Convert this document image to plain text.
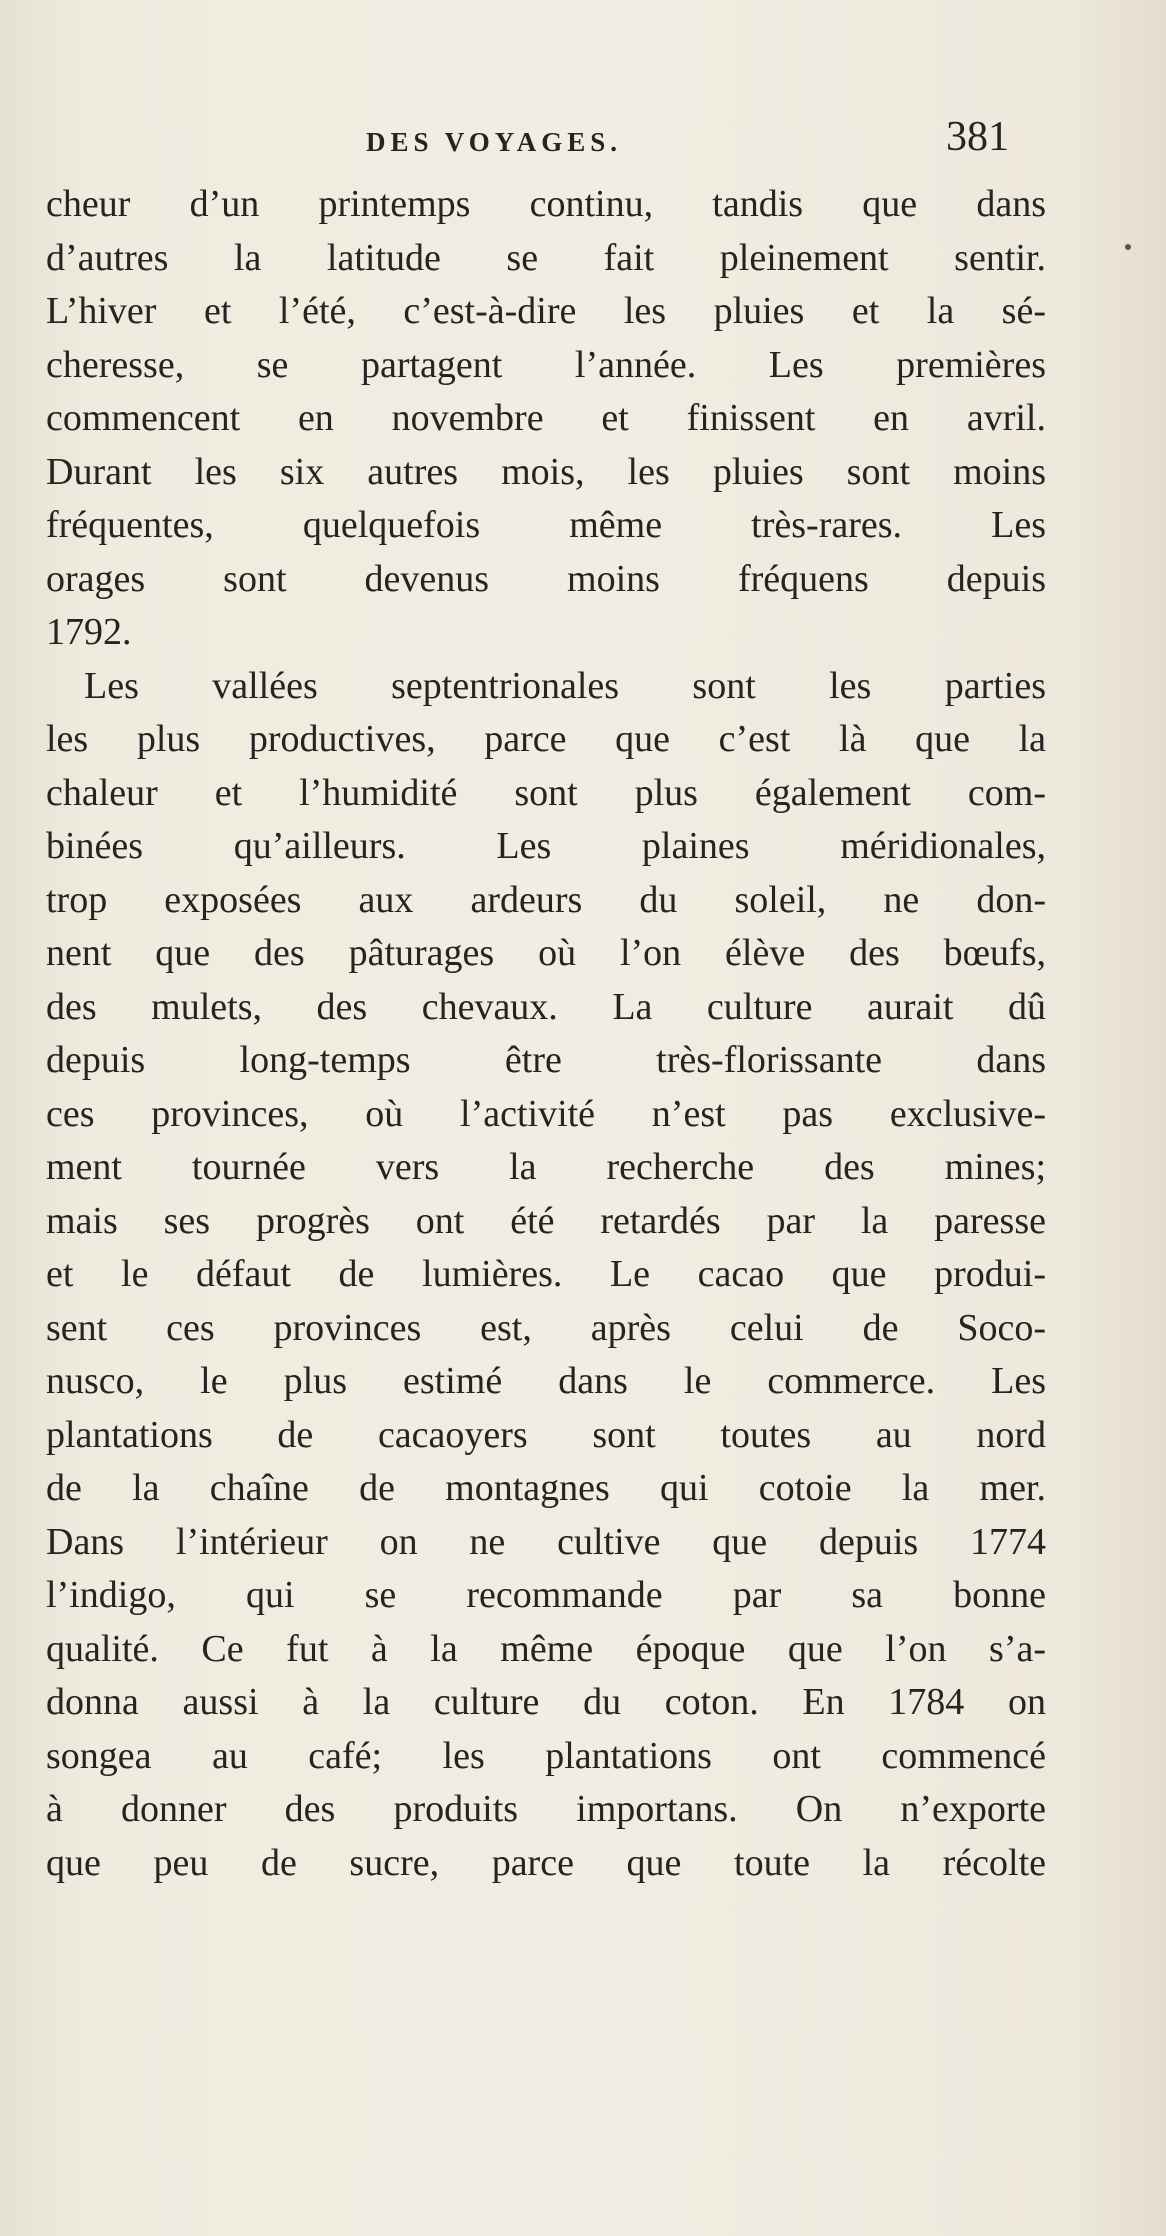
DES VOYAGES.	381
cheur d’un printemps continu, tandis que dans
d’autres la latitude se fait pleinement sentir.
L’hiver et l’été, c’est-à-dire les pluies et la sé-
cheresse, se partagent l’année. Les premières
commencent en novembre et finissent en avril.
Durant les six autres mois, les pluies sont moins
fréquentes, quelquefois même très-rares. Les
orages sont devenus moins fréquens depuis
1792.
Les vallées septentrionales sont les parties
les plus productives, parce que c’est là que la
chaleur et l’humidité sont plus également com-
binées qu’ailleurs. Les plaines méridionales,
trop exposées aux ardeurs du soleil, ne don-
nent que des pâturages où l’on élève des bœufs,
des mulets, des chevaux. La culture aurait dû
depuis long-temps être très-florissante dans
ces provinces, où l’activité n’est pas exclusive-
ment tournée vers la recherche des mines;
mais ses progrès ont été retardés par la paresse
et le défaut de lumières. Le cacao que produi-
sent ces provinces est, après celui de Soco-
nusco, le plus estimé dans le commerce. Les
plantations de cacaoyers sont toutes au nord
de la chaîne de montagnes qui cotoie la mer.
Dans l’intérieur on ne cultive que depuis 1774
l’indigo, qui se recommande par sa bonne
qualité. Ce fut à la même époque que l’on s’a-
donna aussi à la culture du coton. En 1784 on
songea au café; les plantations ont commencé
à donner des produits importans. On n’exporte
que peu de sucre, parce que toute la récolte
